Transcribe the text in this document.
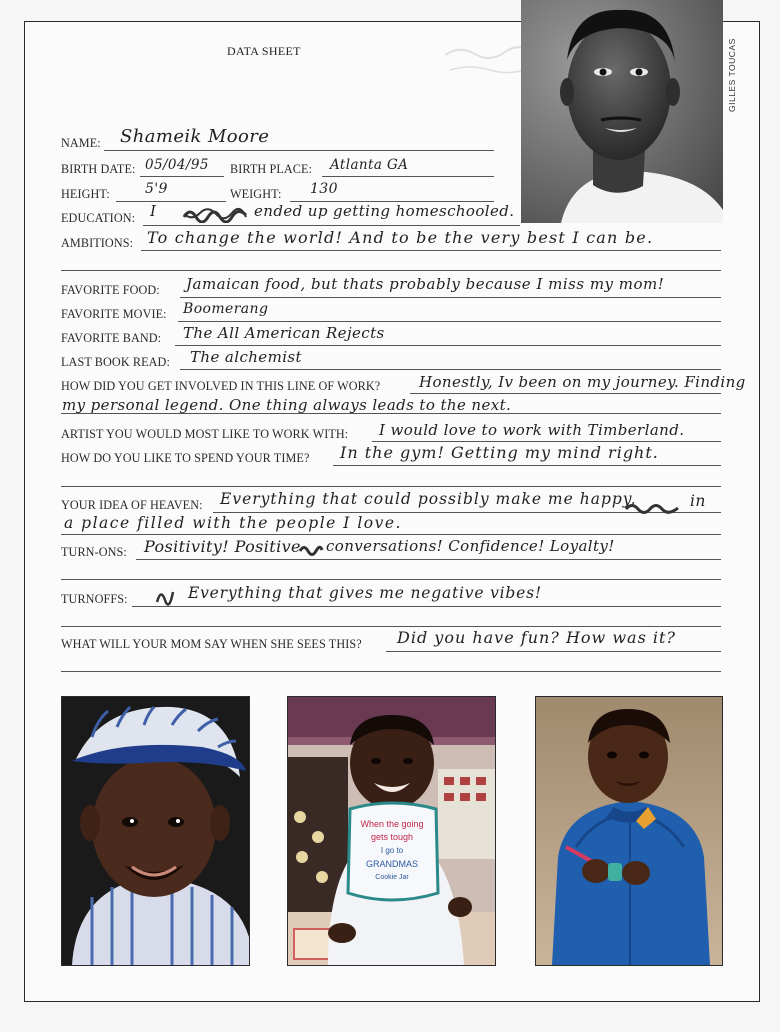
DATA SHEET	GILLES TOUCAS
NAME: Shameik Moore
BIRTH DATE: 05/04/95 BIRTH PLACE: Atlanta GA
HEIGHT:	5'9	WEIGHT: 130
EDUCATION: I	ended up getting homeschooled.
AMBITIONS: To change the world! And to be the very best I can be.
FAVORITE FOOD: Jamaican food, but thats probably because I miss my mom!
FAVORITE MOVIE: Boomerang
FAVORITE BAND: The All American Rejects
LAST BOOK READ: The alchemist
HOW DID YOU GET INVOLVED IN THIS LINE OF WORK?	Honestly, Iv been on my journey. Finding
my personal legend. One thing always leads to the next.
ARTIST YOU WOULD MOST LIKE TO WORK WITH: I would love to work with Timberland.
HOW DO YOU LIKE TO SPEND YOUR TIME? In the gym! Getting my mind right.
YOUR IDEA OF HEAVEN: Everything that could possibly make me happy,	in
a place filled with the people I love.
TURN-ONS: Positivity! Positive conversations! Confidence! Loyalty!
TURNOFFS:	Everything that gives me negative vibes!
WHAT WILL YOUR MOM SAY WHEN SHE SEES THIS? Did you have fun? How was it?
When the going
gets tough
I go to
GRANDMAS
Cookie Jar
